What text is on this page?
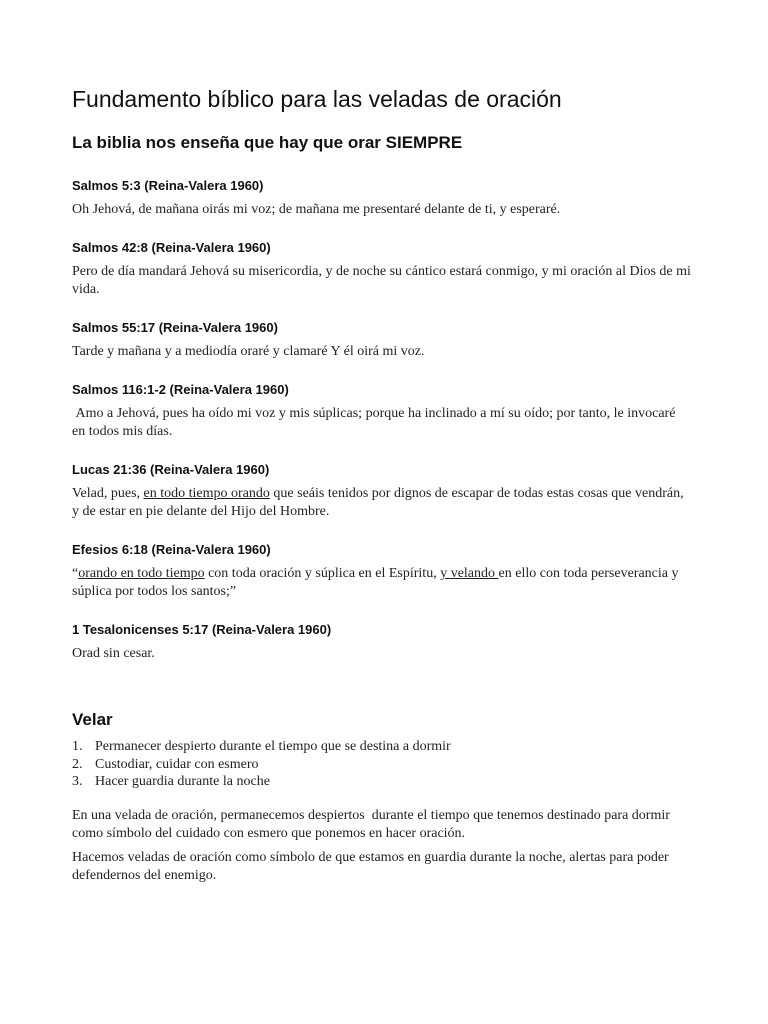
Fundamento bíblico para las veladas de oración
La biblia nos enseña que hay que orar SIEMPRE
Salmos 5:3 (Reina-Valera 1960)

Oh Jehová, de mañana oirás mi voz; de mañana me presentaré delante de ti, y esperaré.

Salmos 42:8 (Reina-Valera 1960)

Pero de día mandará Jehová su misericordia, y de noche su cántico estará conmigo, y mi oración al Dios de mi vida.

Salmos 55:17 (Reina-Valera 1960)

Tarde y mañana y a mediodía oraré y clamaré Y él oirá mi voz.

Salmos 116:1-2 (Reina-Valera 1960)

Amo a Jehová, pues ha oído mi voz y mis súplicas; porque ha inclinado a mí su oído; por tanto, le invocaré en todos mis días.

Lucas 21:36 (Reina-Valera 1960)

Velad, pues, en todo tiempo orando que seáis tenidos por dignos de escapar de todas estas cosas que vendrán, y de estar en pie delante del Hijo del Hombre.

Efesios 6:18 (Reina-Valera 1960)

“orando en todo tiempo con toda oración y súplica en el Espíritu, y velando en ello con toda perseverancia y súplica por todos los santos;”

1 Tesalonicenses 5:17 (Reina-Valera 1960)

Orad sin cesar.

Velar
1. Permanecer despierto durante el tiempo que se destina a dormir
2. Custodiar, cuidar con esmero
3. Hacer guardia durante la noche

En una velada de oración, permanecemos despiertos  durante el tiempo que tenemos destinado para dormir como símbolo del cuidado con esmero que ponemos en hacer oración.

Hacemos veladas de oración como símbolo de que estamos en guardia durante la noche, alertas para poder defendernos del enemigo.
